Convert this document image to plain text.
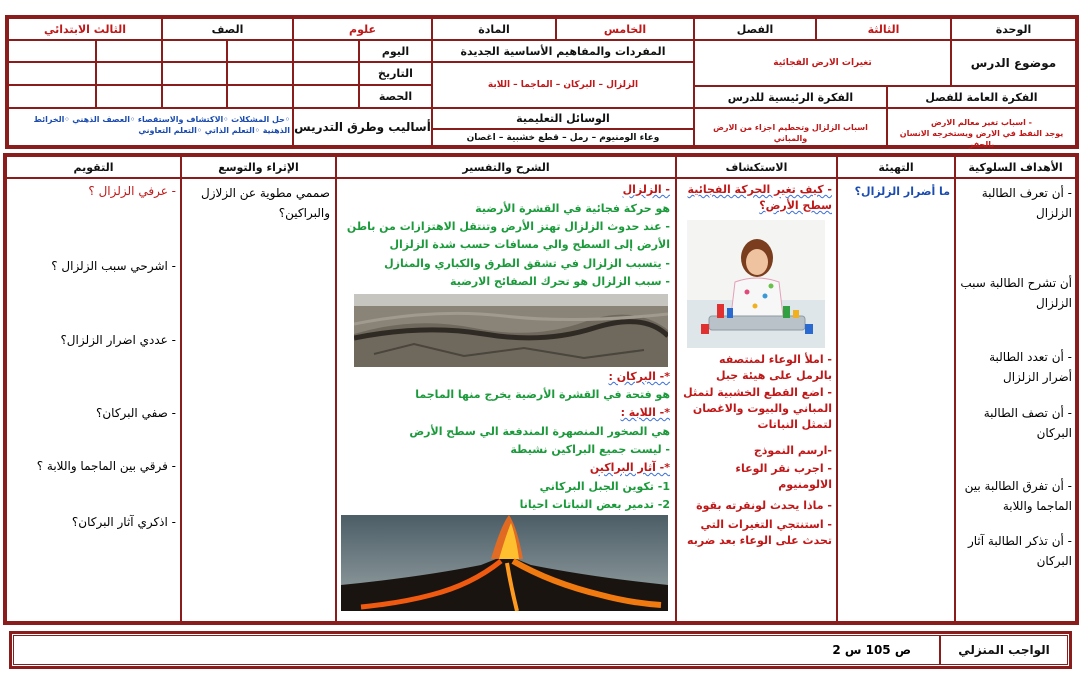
الوحدة
الثالثة
الفصل
الخامس
المادة
علوم
الصف
الثالث الابتدائي
موضوع الدرس
تغيرات الارض الفجائية
المفردات والمفاهيم الأساسية الجديدة
الزلزال – البركان – الماجما – اللابة
اليوم
التاريخ
الحصة	الفكرة العامة للفصل
الفكرة الرئيسية للدرس
- اسباب تغير معالم الارض
يوجد النفط في الارض ويستخرجه الانسان بالحفر
اسباب الزلزال وتحطيم اجزاء من الارض والمباني
الوسائل التعليمية
وعاء الومنيوم – رمل – قطع خشبية – اغصان
أساليب وطرق التدريس
◦حل المشكلات ◦الاكتشاف والاستقصاء ◦العصف الذهني ◦الخرائط الذهنية ◦التعلم الذاتي ◦التعلم التعاوني
الأهداف السلوكية
التهيئة
الاستكشاف
الشرح والتفسير
الإثراء والتوسع
التقويم
- أن تعرف الطالبة الزلزال
أن تشرح الطالبة سبب الزلزال
- أن تعدد الطالبة أضرار الزلزال
- أن تصف الطالبة البركان
- أن تفرق الطالبة بين الماجما واللابة
- أن تذكر الطالبة آثار البركان
ما أضرار الزلزال؟
- كيف تغير الحركة الفجائية سطح الأرض؟
- املأ الوعاء لمنتصفه بالرمل على هيئة جبل
- اضع القطع الخشبية لتمثل المباني والبيوت والاغصان لتمثل النباتات
-ارسم النموذج
- اجرب نقر الوعاء الالومنيوم
- ماذا يحدث لونقرته بقوة
- استنتجي التغيرات التي تحدث على الوعاء بعد ضربه
- الزلزال
هو حركة فجائية في القشرة الأرضية
- عند حدوث الزلزال تهتز الأرض وتنتقل الاهتزازات من باطن الأرض إلى السطح والي مسافات حسب شدة الزلزال
- يتسبب الزلزال في تشقق الطرق والكباري والمنازل
- سبب الزلزال هو تحرك الصفائح الارضية
*- البركان :
هو فتحة في القشرة الأرضية يخرج منها الماجما
*- اللابة :
هي الصخور المنصهرة المندفعة الي سطح الأرض
- ليست جميع البراكين نشيطة
*- آثار البراكين
1- تكوين الجبل البركاني
2- تدمير بعض النباتات احيانا
صممي مطوية عن الزلازل والبراكين؟
- عرفي الزلزال ؟
- اشرحي سبب الزلزال ؟
- عددي اضرار الزلزال؟
- صفي البركان؟
- فرقي بين الماجما واللابة ؟
- اذكري آثار البركان؟
الواجب المنزلي
ص 105 س 2
